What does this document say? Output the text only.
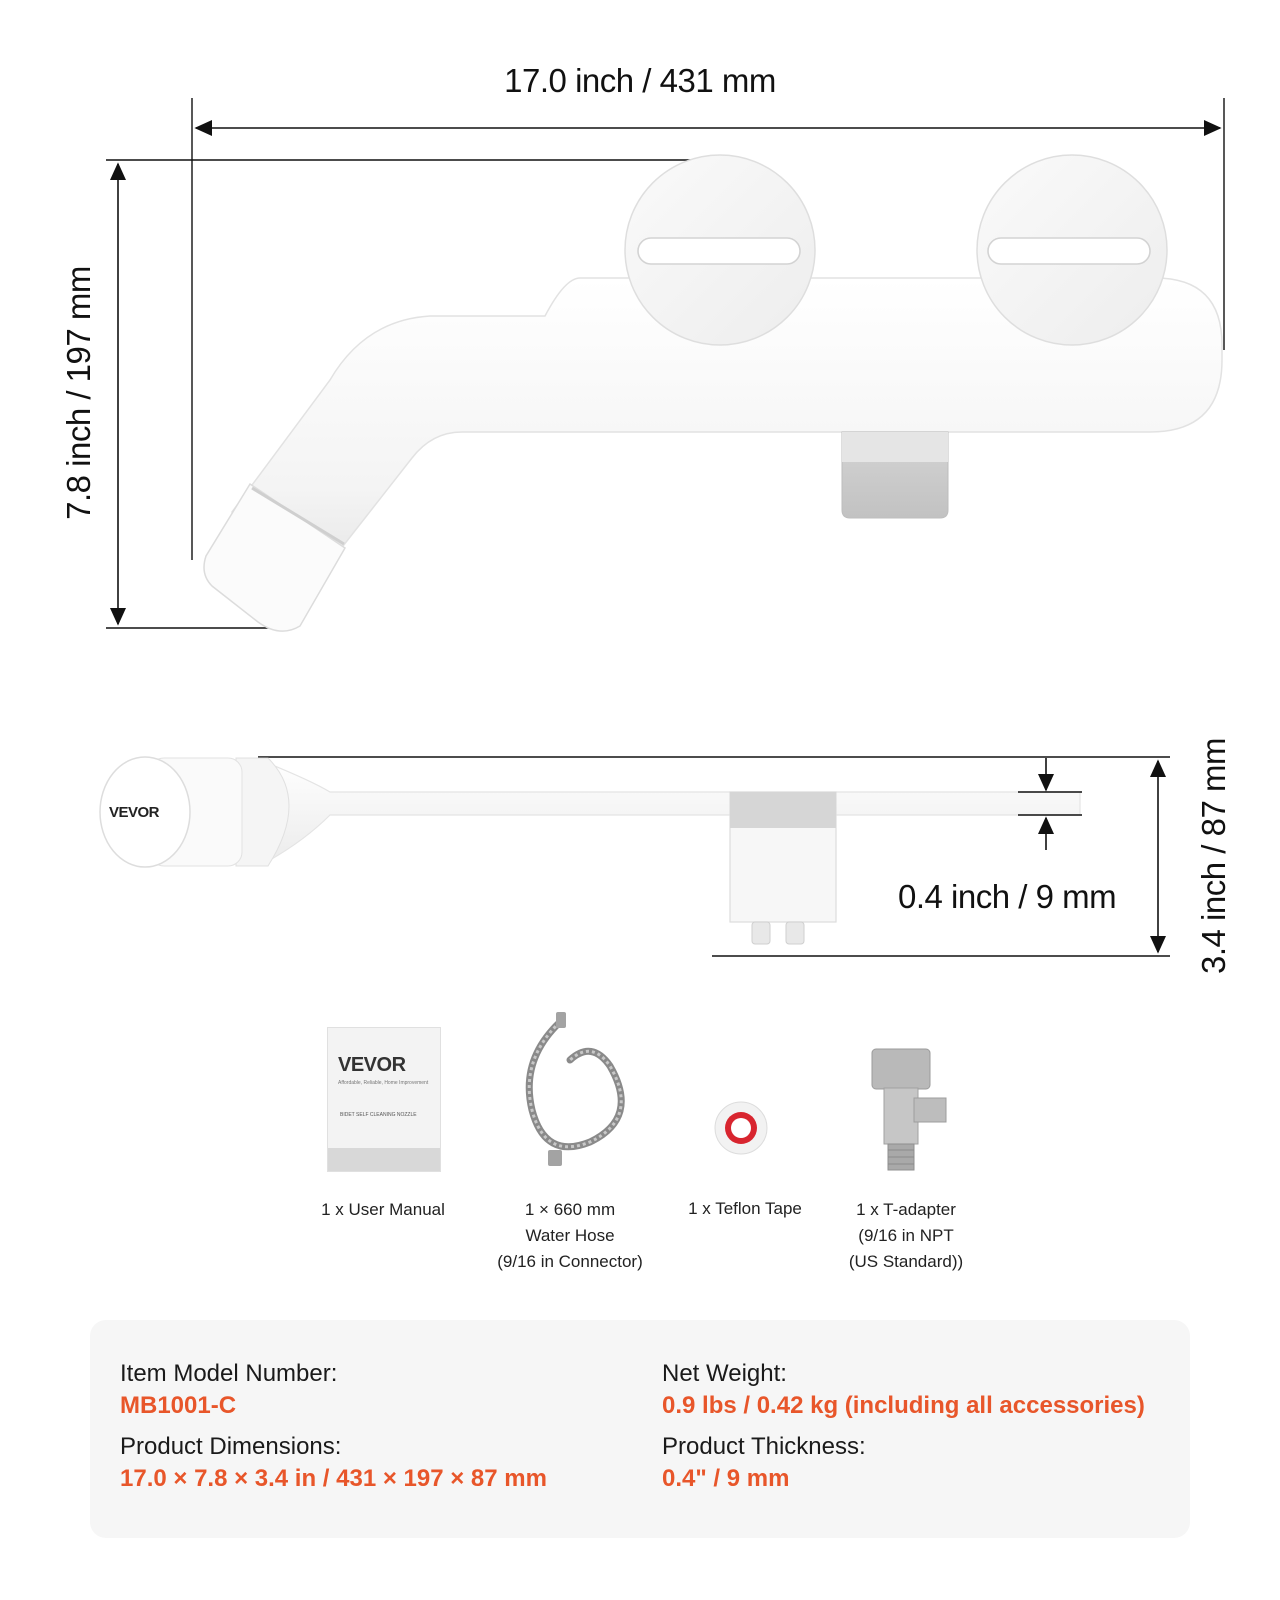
17.0 inch / 431 mm
7.8 inch / 197 mm
3.4 inch / 87 mm
0.4 inch / 9 mm
VEVOR
VEVOR
Affordable, Reliable, Home Improvement
BIDET SELF CLEANING NOZZLE
1 x User Manual	1 × 660 mm
Water Hose
(9/16 in Connector)
1 x Teflon Tape	1 x T-adapter
(9/16 in NPT
(US Standard))
Item Model Number:
MB1001-C
Product Dimensions:
17.0 × 7.8 × 3.4 in / 431 × 197 × 87 mm
Net Weight:
0.9 lbs / 0.42 kg (including all accessories)
Product Thickness:
0.4" / 9 mm
